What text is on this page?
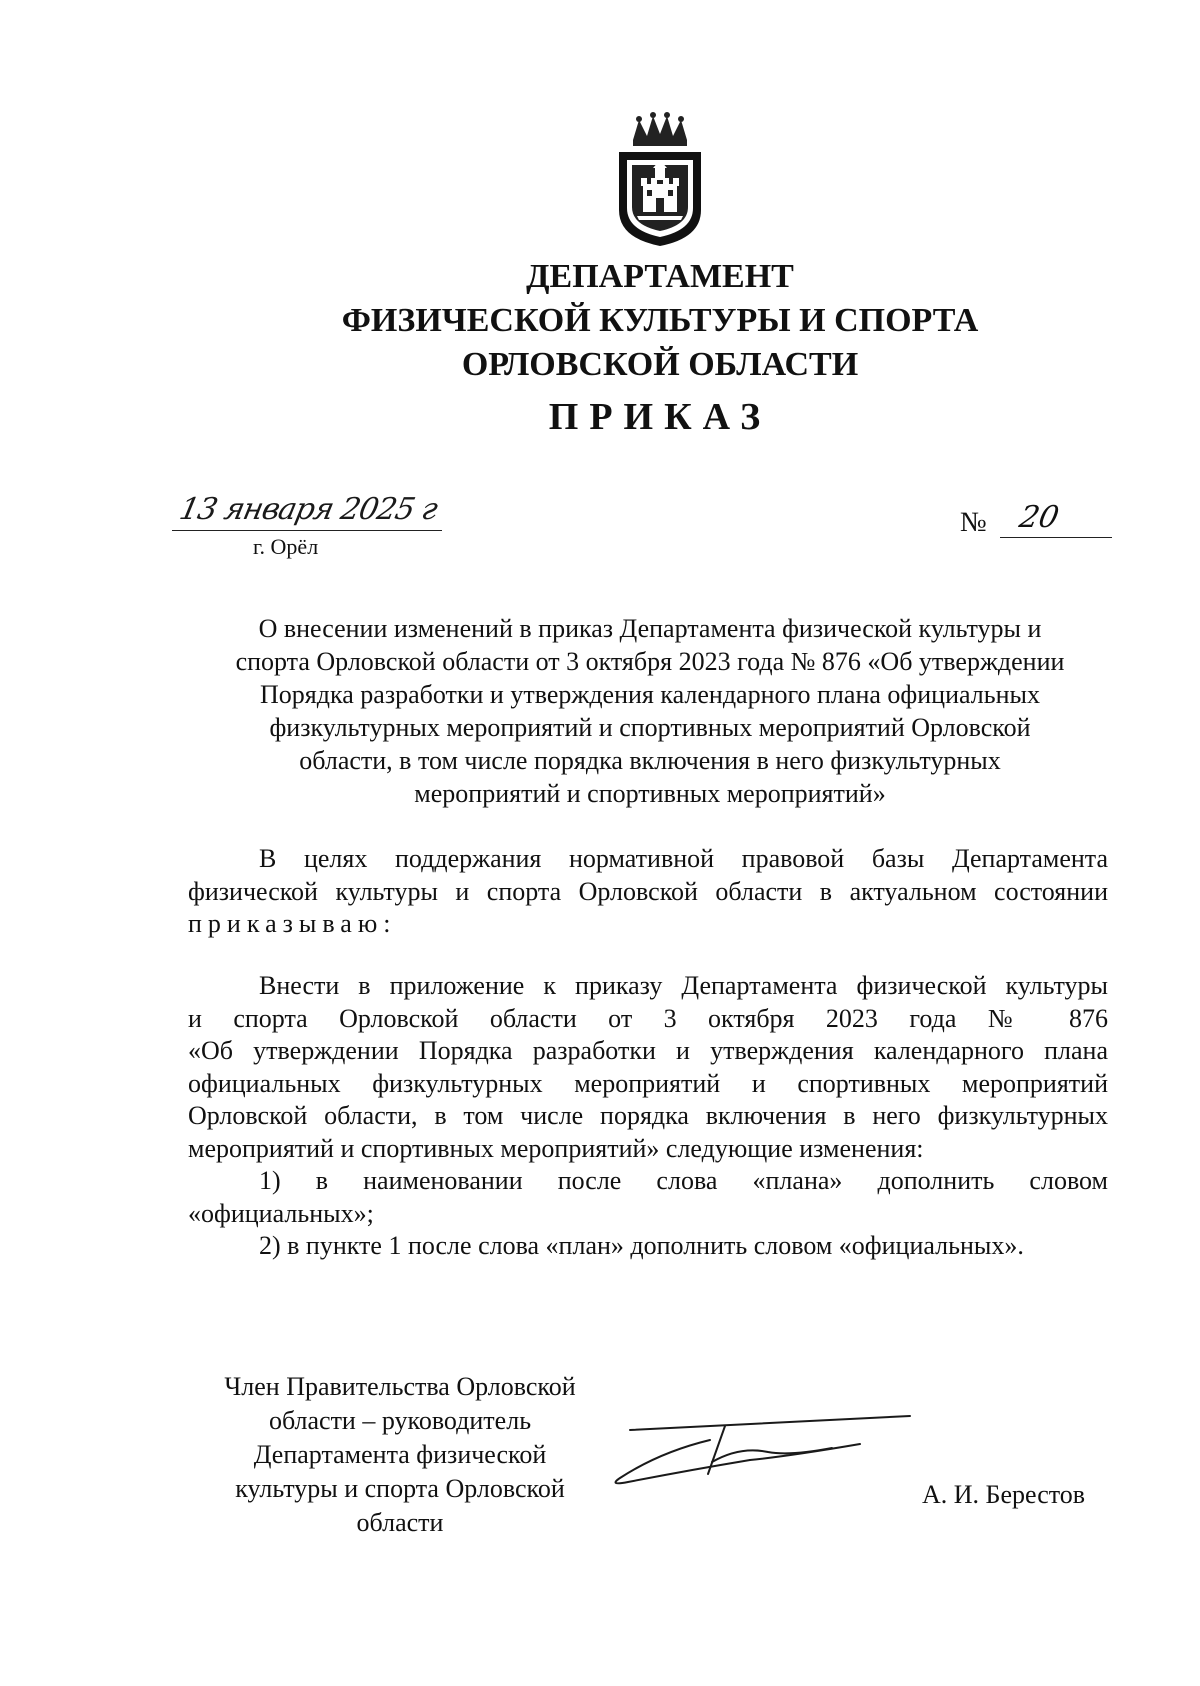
ДЕПАРТАМЕНТ
ФИЗИЧЕСКОЙ КУЛЬТУРЫ И СПОРТА
ОРЛОВСКОЙ ОБЛАСТИ
ПРИКАЗ
13 января 2025 г
г. Орёл
№ 20
О внесении изменений в приказ Департамента физической культуры и
спорта Орловской области от 3 октября 2023 года № 876 «Об утверждении
Порядка разработки и утверждения календарного плана официальных
физкультурных мероприятий и спортивных мероприятий Орловской
области, в том числе порядка включения в него физкультурных
мероприятий и спортивных мероприятий»
В целях поддержания нормативной правовой базы Департамента
физической культуры и спорта Орловской области в актуальном состоянии
приказываю:
Внести в приложение к приказу Департамента физической культуры
и спорта Орловской области от 3 октября 2023 года № 876
«Об утверждении Порядка разработки и утверждения календарного плана
официальных физкультурных мероприятий и спортивных мероприятий
Орловской области, в том числе порядка включения в него физкультурных
мероприятий и спортивных мероприятий» следующие изменения:
1) в наименовании после слова «плана» дополнить словом
«официальных»;
2) в пункте 1 после слова «план» дополнить словом «официальных».
Член Правительства Орловской
области – руководитель
Департамента физической
культуры и спорта Орловской
области
А. И. Берестов
